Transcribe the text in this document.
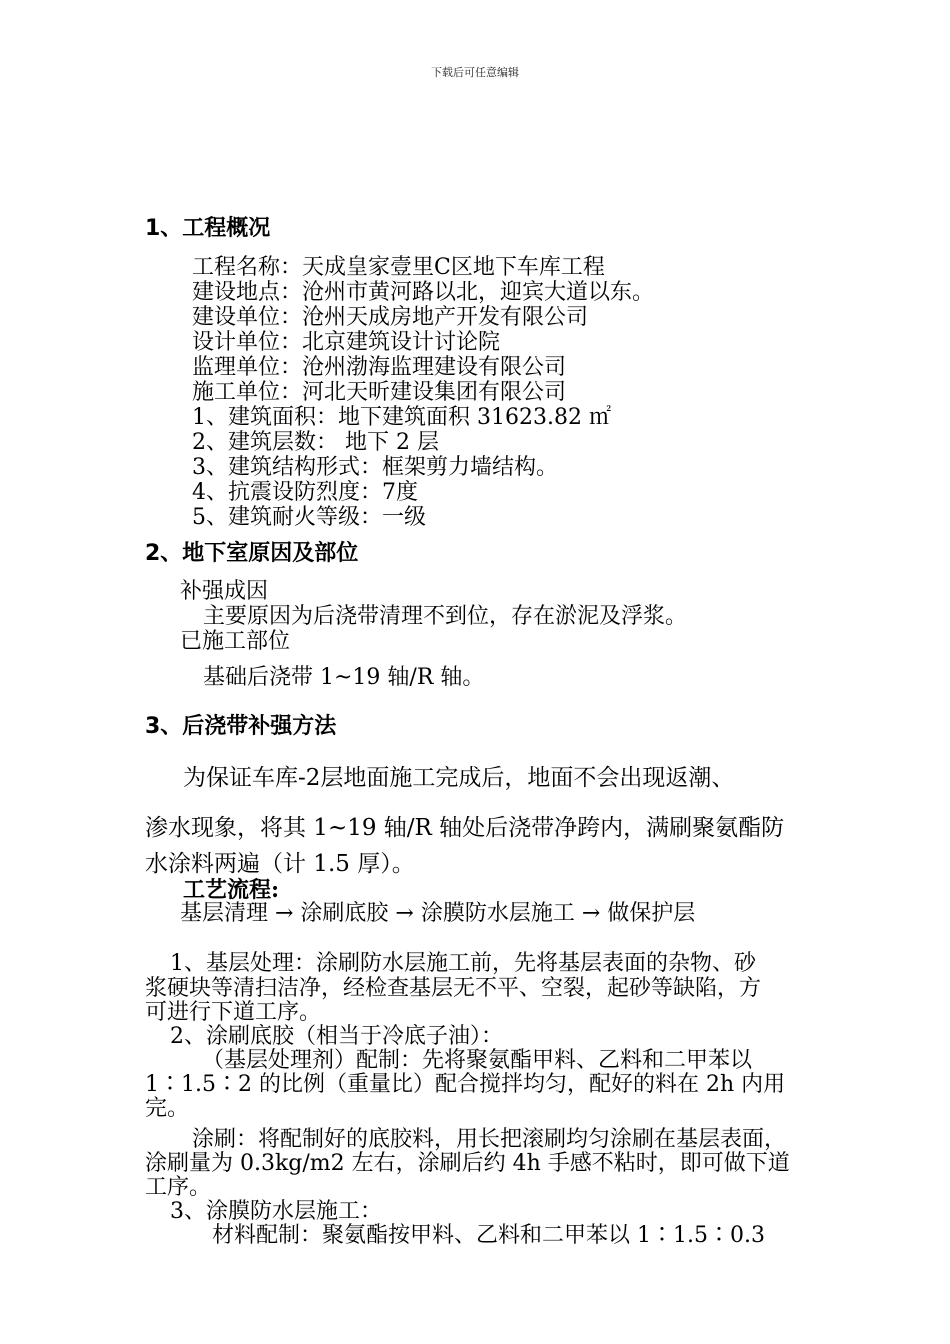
下载后可任意编辑
1、工程概况
工程名称：天成皇家壹里C区地下车库工程
建设地点：沧州市黄河路以北，迎宾大道以东。
建设单位：沧州天成房地产开发有限公司
设计单位：北京建筑设计讨论院
监理单位：沧州渤海监理建设有限公司
施工单位：河北天昕建设集团有限公司
1、建筑面积：地下建筑面积 31623.82 ㎡
2、建筑层数： 地下 2 层
3、建筑结构形式：框架剪力墙结构。
4、抗震设防烈度：7度
5、建筑耐火等级：一级
2、地下室原因及部位
补强成因
主要原因为后浇带清理不到位，存在淤泥及浮浆。
已施工部位
基础后浇带 1~19 轴/R 轴。
3、后浇带补强方法
为保证车库-2层地面施工完成后，地面不会出现返潮、
渗水现象，将其 1~19 轴/R 轴处后浇带净跨内，满刷聚氨酯防
水涂料两遍（计 1.5 厚）。
工艺流程:
基层清理 → 涂刷底胶 → 涂膜防水层施工 → 做保护层
1、基层处理：涂刷防水层施工前，先将基层表面的杂物、砂
浆硬块等清扫洁净，经检查基层无不平、空裂，起砂等缺陷，方
可进行下道工序。
2、涂刷底胶（相当于冷底子油）：
（基层处理剂）配制：先将聚氨酯甲料、乙料和二甲苯以
1∶1.5∶2 的比例（重量比）配合搅拌均匀，配好的料在 2h 内用
完。
涂刷：将配制好的底胶料，用长把滚刷均匀涂刷在基层表面，
涂刷量为 0.3kg/m2 左右，涂刷后约 4h 手感不粘时，即可做下道
工序。
3、涂膜防水层施工：
材料配制：聚氨酯按甲料、乙料和二甲苯以 1∶1.5∶0.3
